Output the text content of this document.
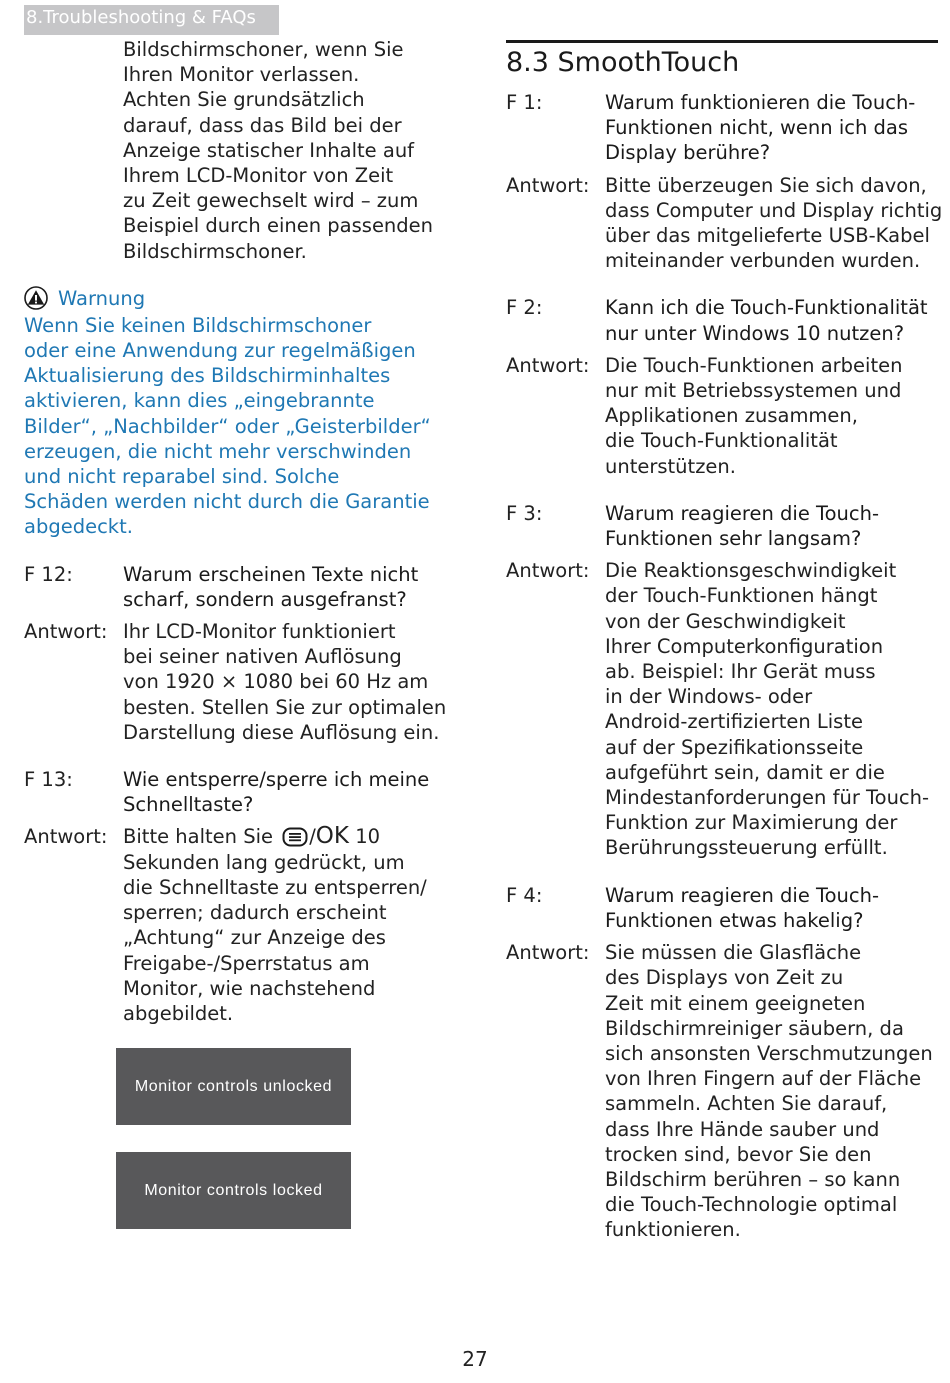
8.Troubleshooting & FAQs
Bildschirmschoner, wenn Sie
Ihren Monitor verlassen.
Achten Sie grundsätzlich
darauf, dass das Bild bei der
Anzeige statischer Inhalte auf
Ihrem LCD-Monitor von Zeit
zu Zeit gewechselt wird – zum
Beispiel durch einen passenden
Bildschirmschoner.
Warnung
Wenn Sie keinen Bildschirmschoner
oder eine Anwendung zur regelmäßigen
Aktualisierung des Bildschirminhaltes
aktivieren, kann dies „eingebrannte
Bilder“, „Nachbilder“ oder „Geisterbilder“
erzeugen, die nicht mehr verschwinden
und nicht reparabel sind. Solche
Schäden werden nicht durch die Garantie
abgedeckt.
F 12:	Warum erscheinen Texte nicht
scharf, sondern ausgefranst?
Antwort: Ihr LCD-Monitor funktioniert
bei seiner nativen Auflösung
von 1920 × 1080 bei 60 Hz am
besten. Stellen Sie zur optimalen
Darstellung diese Auflösung ein.
F 13:	Wie entsperre/sperre ich meine
Schnelltaste?
Antwort: Bitte halten Sie /OK 10
Sekunden lang gedrückt, um
die Schnelltaste zu entsperren/
sperren; dadurch erscheint
„Achtung“ zur Anzeige des
Freigabe-/Sperrstatus am
Monitor, wie nachstehend
abgebildet.
Monitor controls unlocked
Monitor controls locked
8.3 SmoothTouch
F 1:	Warum funktionieren die Touch-
Funktionen nicht, wenn ich das
Display berühre?
Antwort: Bitte überzeugen Sie sich davon,
dass Computer und Display richtig
über das mitgelieferte USB-Kabel
miteinander verbunden wurden.
F 2:	Kann ich die Touch-Funktionalität
nur unter Windows 10 nutzen?
Antwort: Die Touch-Funktionen arbeiten
nur mit Betriebssystemen und
Applikationen zusammen,
die Touch-Funktionalität
unterstützen.
F 3:	Warum reagieren die Touch-
Funktionen sehr langsam?
Antwort: Die Reaktionsgeschwindigkeit
der Touch-Funktionen hängt
von der Geschwindigkeit
Ihrer Computerkonfiguration
ab. Beispiel: Ihr Gerät muss
in der Windows- oder
Android-zertifizierten Liste
auf der Spezifikationsseite
aufgeführt sein, damit er die
Mindestanforderungen für Touch-
Funktion zur Maximierung der
Berührungssteuerung erfüllt.
F 4:	Warum reagieren die Touch-
Funktionen etwas hakelig?
Antwort: Sie müssen die Glasfläche
des Displays von Zeit zu
Zeit mit einem geeigneten
Bildschirmreiniger säubern, da
sich ansonsten Verschmutzungen
von Ihren Fingern auf der Fläche
sammeln. Achten Sie darauf,
dass Ihre Hände sauber und
trocken sind, bevor Sie den
Bildschirm berühren – so kann
die Touch-Technologie optimal
funktionieren.
27
